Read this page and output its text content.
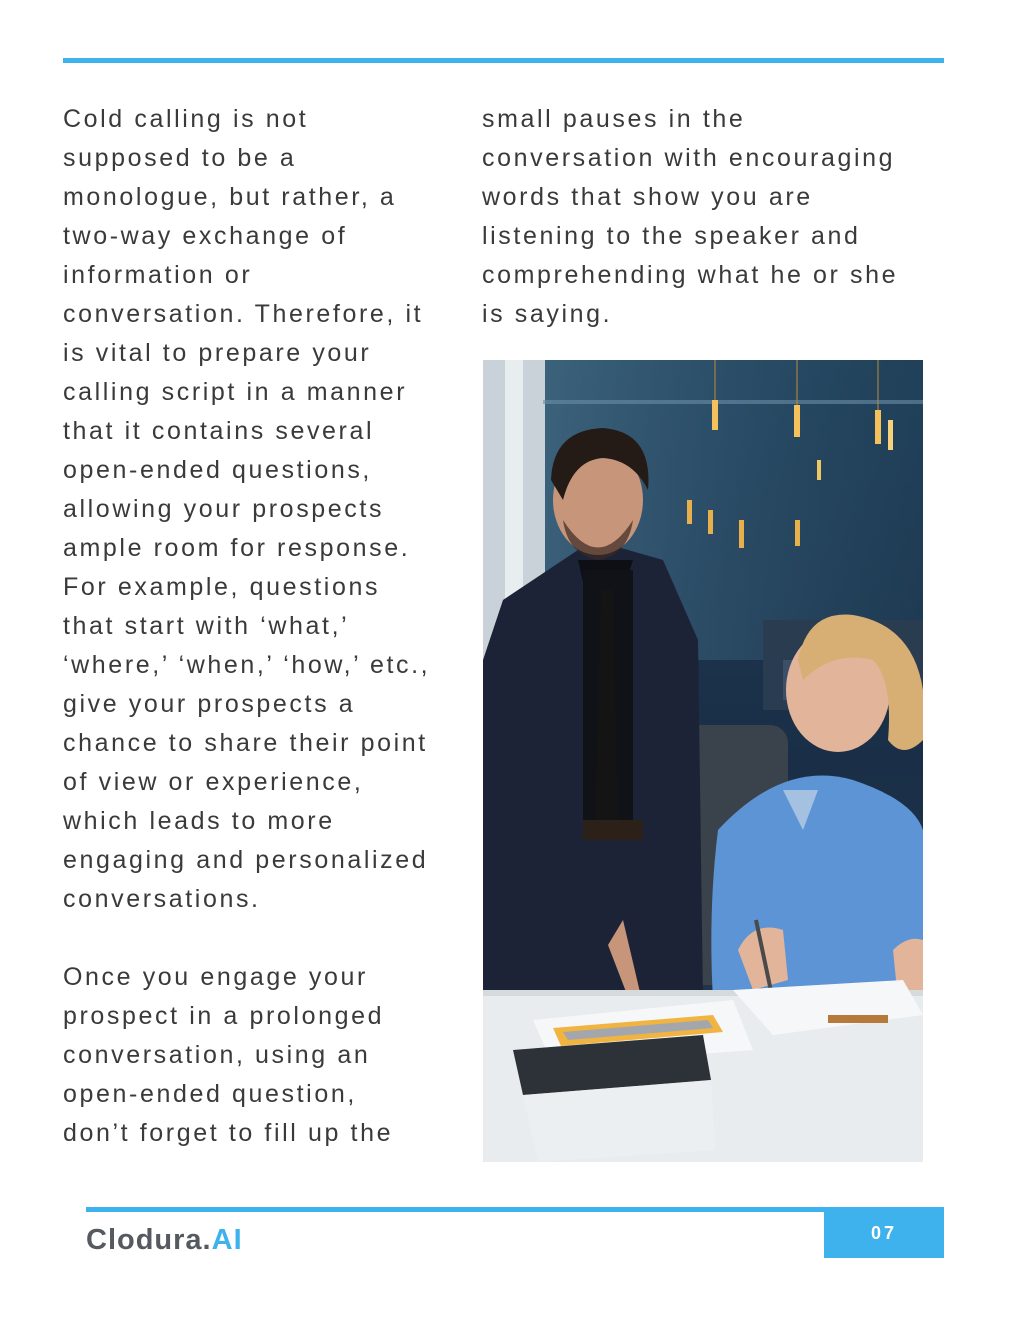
Cold calling is not
supposed to be a
monologue, but rather, a
two-way exchange of
information or
conversation. Therefore, it
is vital to prepare your
calling script in a manner
that it contains several
open-ended questions,
allowing your prospects
ample room for response.
For example, questions
that start with ‘what,’
‘where,’ ‘when,’ ‘how,’ etc.,
give your prospects a
chance to share their point
of view or experience,
which leads to more
engaging and personalized
conversations.

Once you engage your
prospect in a prolonged
conversation, using an
open-ended question,
don’t forget to fill up the

small pauses in the
conversation with encouraging
words that show you are
listening to the speaker and
comprehending what he or she
is saying.

Clodura.AI	07
